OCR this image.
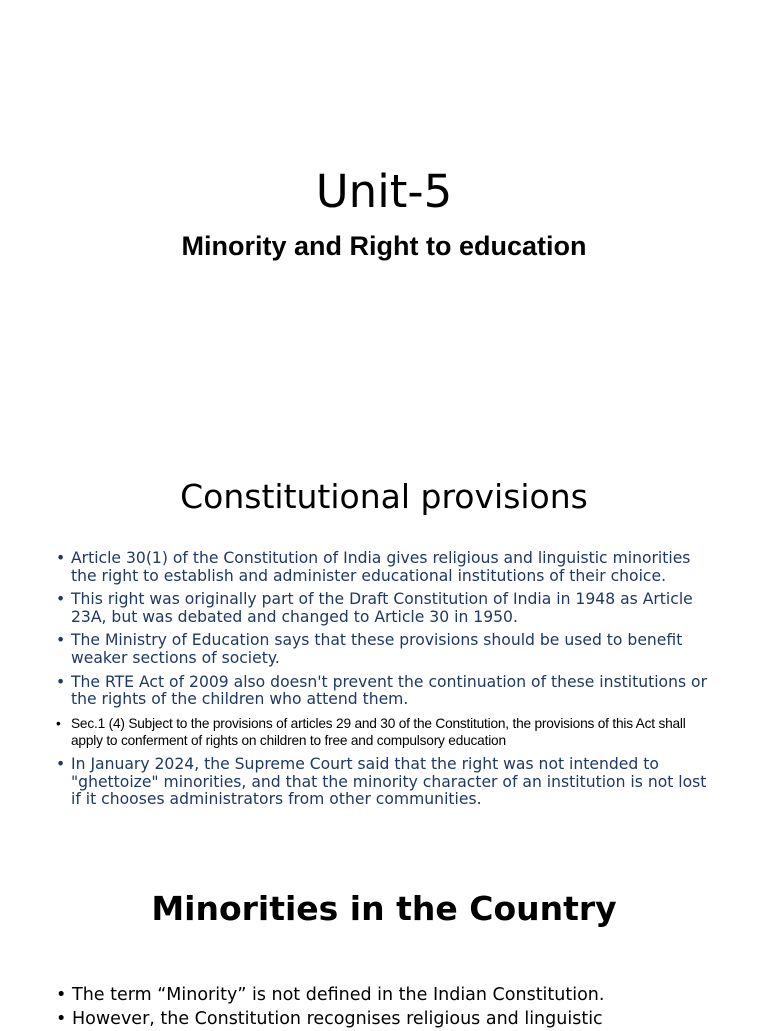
Unit-5
Minority and Right to education
Constitutional provisions
• Article 30(1) of the Constitution of India gives religious and linguistic minorities the right to establish and administer educational institutions of their choice.
• This right was originally part of the Draft Constitution of India in 1948 as Article 23A, but was debated and changed to Article 30 in 1950.
• The Ministry of Education says that these provisions should be used to benefit weaker sections of society.
• The RTE Act of 2009 also doesn't prevent the continuation of these institutions or the rights of the children who attend them.
• Sec.1 (4) Subject to the provisions of articles 29 and 30 of the Constitution, the provisions of this Act shall apply to conferment of rights on children to free and compulsory education
• In January 2024, the Supreme Court said that the right was not intended to "ghettoize" minorities, and that the minority character of an institution is not lost if it chooses administrators from other communities.
Minorities in the Country
• The term “Minority” is not defined in the Indian Constitution.
• However, the Constitution recognises religious and linguistic
